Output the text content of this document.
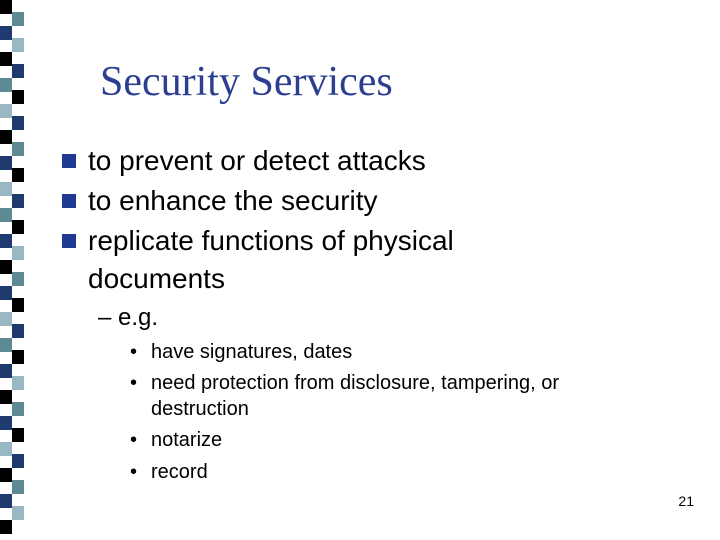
Security Services
to prevent or detect attacks
to enhance the security
replicate functions of physical
documents
– e.g.
• have signatures, dates
• need protection from disclosure, tampering, or
destruction
• notarize
• record
21
